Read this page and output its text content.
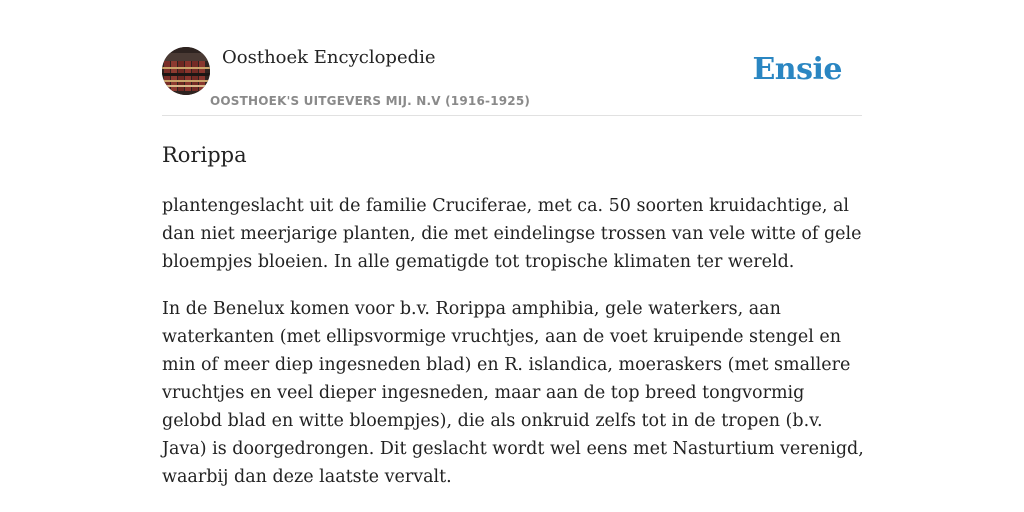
Oosthoek Encyclopedie
OOSTHOEK'S UITGEVERS MIJ. N.V (1916-1925)
Ensie
Rorippa

plantengeslacht uit de familie Cruciferae, met ca. 50 soorten kruidachtige, al dan niet meerjarige planten, die met eindelingse trossen van vele witte of gele bloempjes bloeien. In alle gematigde tot tropische klimaten ter wereld.

In de Benelux komen voor b.v. Rorippa amphibia, gele waterkers, aan waterkanten (met ellipsvormige vruchtjes, aan de voet kruipende stengel en min of meer diep ingesneden blad) en R. islandica, moeraskers (met smallere vruchtjes en veel dieper ingesneden, maar aan de top breed tongvormig gelobd blad en witte bloempjes), die als onkruid zelfs tot in de tropen (b.v. Java) is doorgedrongen. Dit geslacht wordt wel eens met Nasturtium verenigd, waarbij dan deze laatste vervalt.
